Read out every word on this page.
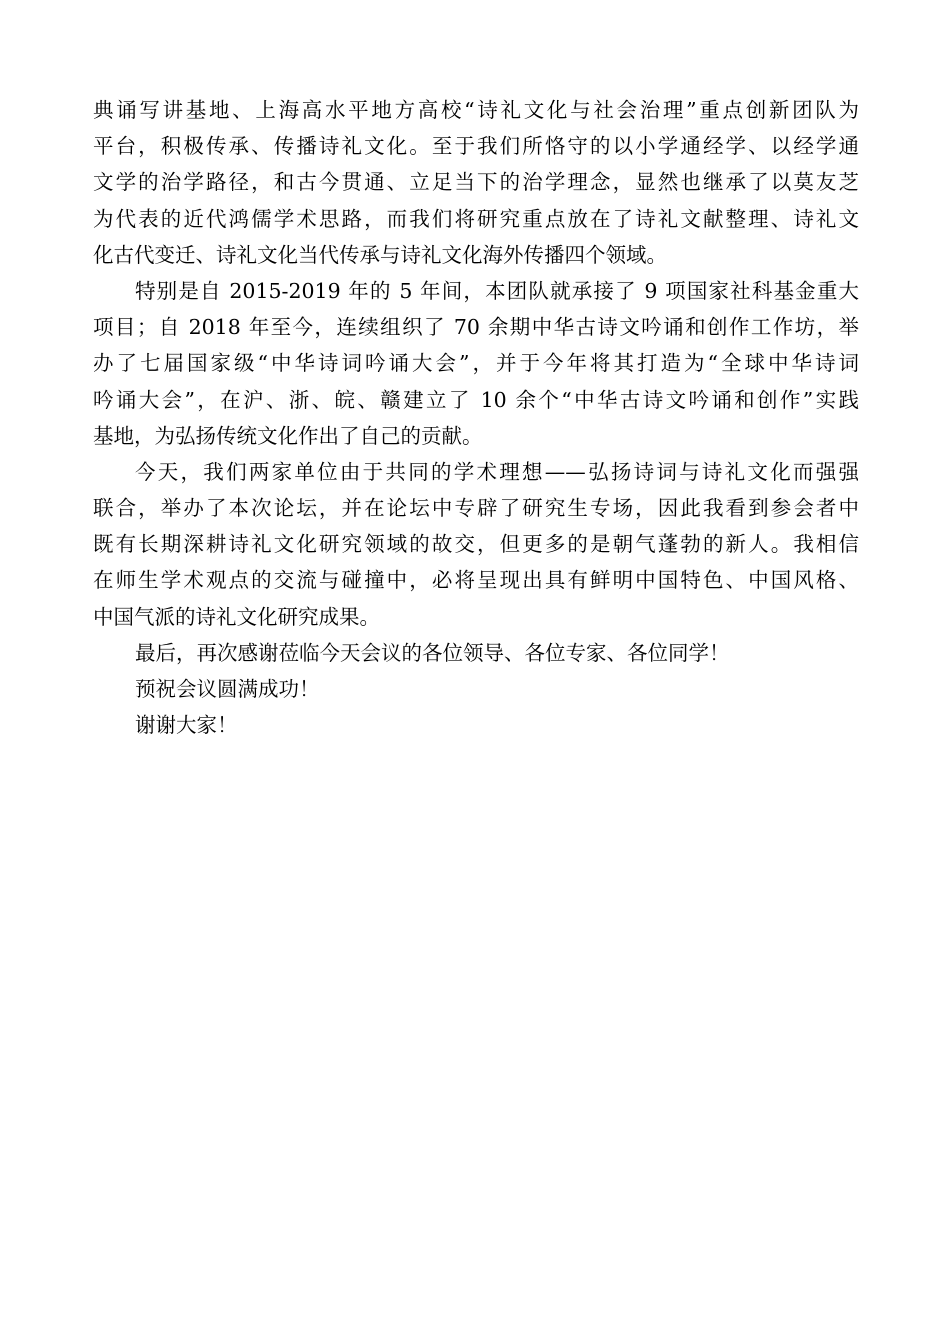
典诵写讲基地、上海高水平地方高校“诗礼文化与社会治理”重点创新团队为
平台，积极传承、传播诗礼文化。至于我们所恪守的以小学通经学、以经学通
文学的治学路径，和古今贯通、立足当下的治学理念，显然也继承了以莫友芝
为代表的近代鸿儒学术思路，而我们将研究重点放在了诗礼文献整理、诗礼文
化古代变迁、诗礼文化当代传承与诗礼文化海外传播四个领域。
特别是自 2015-2019 年的 5 年间，本团队就承接了 9 项国家社科基金重大
项目；自 2018 年至今，连续组织了 70 余期中华古诗文吟诵和创作工作坊，举
办了七届国家级“中华诗词吟诵大会”，并于今年将其打造为“全球中华诗词
吟诵大会”，在沪、浙、皖、赣建立了 10 余个“中华古诗文吟诵和创作”实践
基地，为弘扬传统文化作出了自己的贡献。
今天，我们两家单位由于共同的学术理想——弘扬诗词与诗礼文化而强强
联合，举办了本次论坛，并在论坛中专辟了研究生专场，因此我看到参会者中
既有长期深耕诗礼文化研究领域的故交，但更多的是朝气蓬勃的新人。我相信
在师生学术观点的交流与碰撞中，必将呈现出具有鲜明中国特色、中国风格、
中国气派的诗礼文化研究成果。
最后，再次感谢莅临今天会议的各位领导、各位专家、各位同学！
预祝会议圆满成功！
谢谢大家！
